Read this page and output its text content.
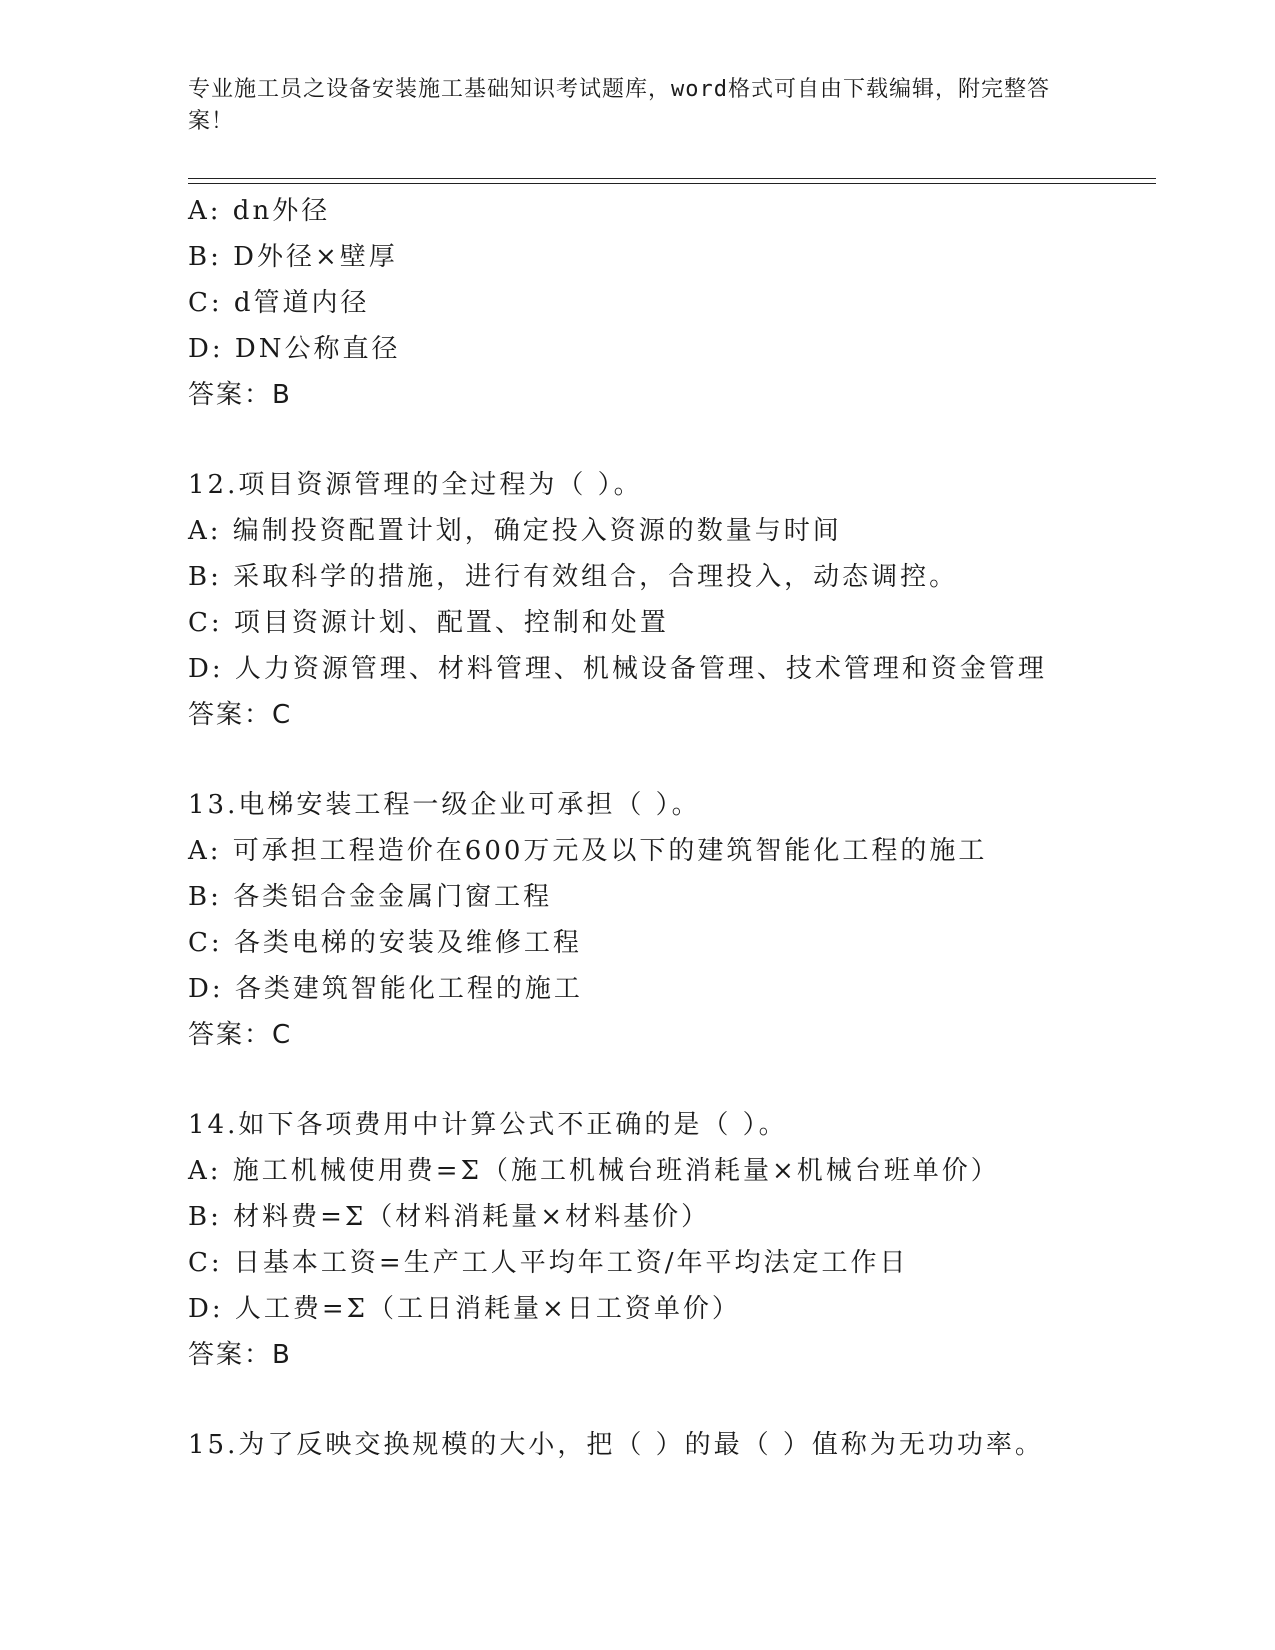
专业施工员之设备安装施工基础知识考试题库，word格式可自由下载编辑，附完整答案！
A: dn外径
B: D外径×壁厚
C: d管道内径
D: DN公称直径
答案：B
12.项目资源管理的全过程为（ ）。
A: 编制投资配置计划，确定投入资源的数量与时间
B: 采取科学的措施，进行有效组合，合理投入，动态调控。
C: 项目资源计划、配置、控制和处置
D: 人力资源管理、材料管理、机械设备管理、技术管理和资金管理
答案：C
13.电梯安装工程一级企业可承担（ ）。
A: 可承担工程造价在600万元及以下的建筑智能化工程的施工
B: 各类铝合金金属门窗工程
C: 各类电梯的安装及维修工程
D: 各类建筑智能化工程的施工
答案：C
14.如下各项费用中计算公式不正确的是（ ）。
A: 施工机械使用费=Σ（施工机械台班消耗量×机械台班单价）
B: 材料费=Σ（材料消耗量×材料基价）
C: 日基本工资=生产工人平均年工资/年平均法定工作日
D: 人工费=Σ（工日消耗量×日工资单价）
答案：B
15.为了反映交换规模的大小，把（ ）的最（ ）值称为无功功率。
